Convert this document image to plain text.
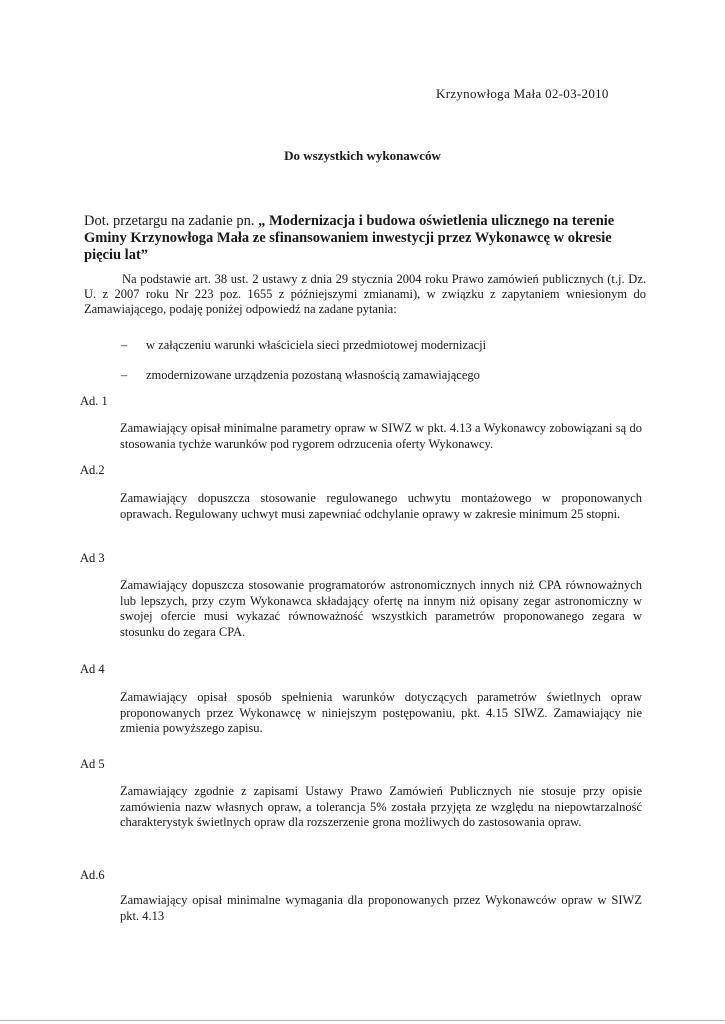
Krzynowłoga Mała 02-03-2010
Do wszystkich wykonawców
Dot. przetargu na zadanie pn. „ Modernizacja i budowa oświetlenia ulicznego na terenie Gminy Krzynowłoga Mała ze sfinansowaniem inwestycji przez Wykonawcę w okresie pięciu lat”
Na podstawie art. 38 ust. 2 ustawy z dnia 29 stycznia 2004 roku Prawo zamówień publicznych (t.j. Dz. U. z 2007 roku Nr 223 poz. 1655 z późniejszymi zmianami), w związku z zapytaniem wniesionym do Zamawiającego, podaję poniżej odpowiedź na zadane pytania:
– w załączeniu warunki właściciela sieci przedmiotowej modernizacji
– zmodernizowane urządzenia pozostaną własnością zamawiającego
Ad. 1
Zamawiający opisał minimalne parametry opraw w SIWZ w pkt. 4.13 a Wykonawcy zobowiązani są do stosowania tychże warunków pod rygorem odrzucenia oferty Wykonawcy.
Ad.2
Zamawiający dopuszcza stosowanie regulowanego uchwytu montażowego w proponowanych oprawach. Regulowany uchwyt musi zapewniać odchylanie oprawy w zakresie minimum 25 stopni.
Ad 3
Zamawiający dopuszcza stosowanie programatorów astronomicznych innych niż CPA równoważnych lub lepszych, przy czym Wykonawca składający ofertę na innym niż opisany zegar astronomiczny w swojej ofercie musi wykazać równoważność wszystkich parametrów proponowanego zegara w stosunku do zegara CPA.
Ad 4
Zamawiający opisał sposób spełnienia warunków dotyczących parametrów świetlnych opraw proponowanych przez Wykonawcę w niniejszym postępowaniu, pkt. 4.15 SIWZ. Zamawiający nie zmienia powyższego zapisu.
Ad 5
Zamawiający zgodnie z zapisami Ustawy Prawo Zamówień Publicznych nie stosuje przy opisie zamówienia nazw własnych opraw, a tolerancja 5% została przyjęta ze względu na niepowtarzalność charakterystyk świetlnych opraw dla rozszerzenie grona możliwych do zastosowania opraw.
Ad.6
Zamawiający opisał minimalne wymagania dla proponowanych przez Wykonawców opraw w SIWZ pkt. 4.13
